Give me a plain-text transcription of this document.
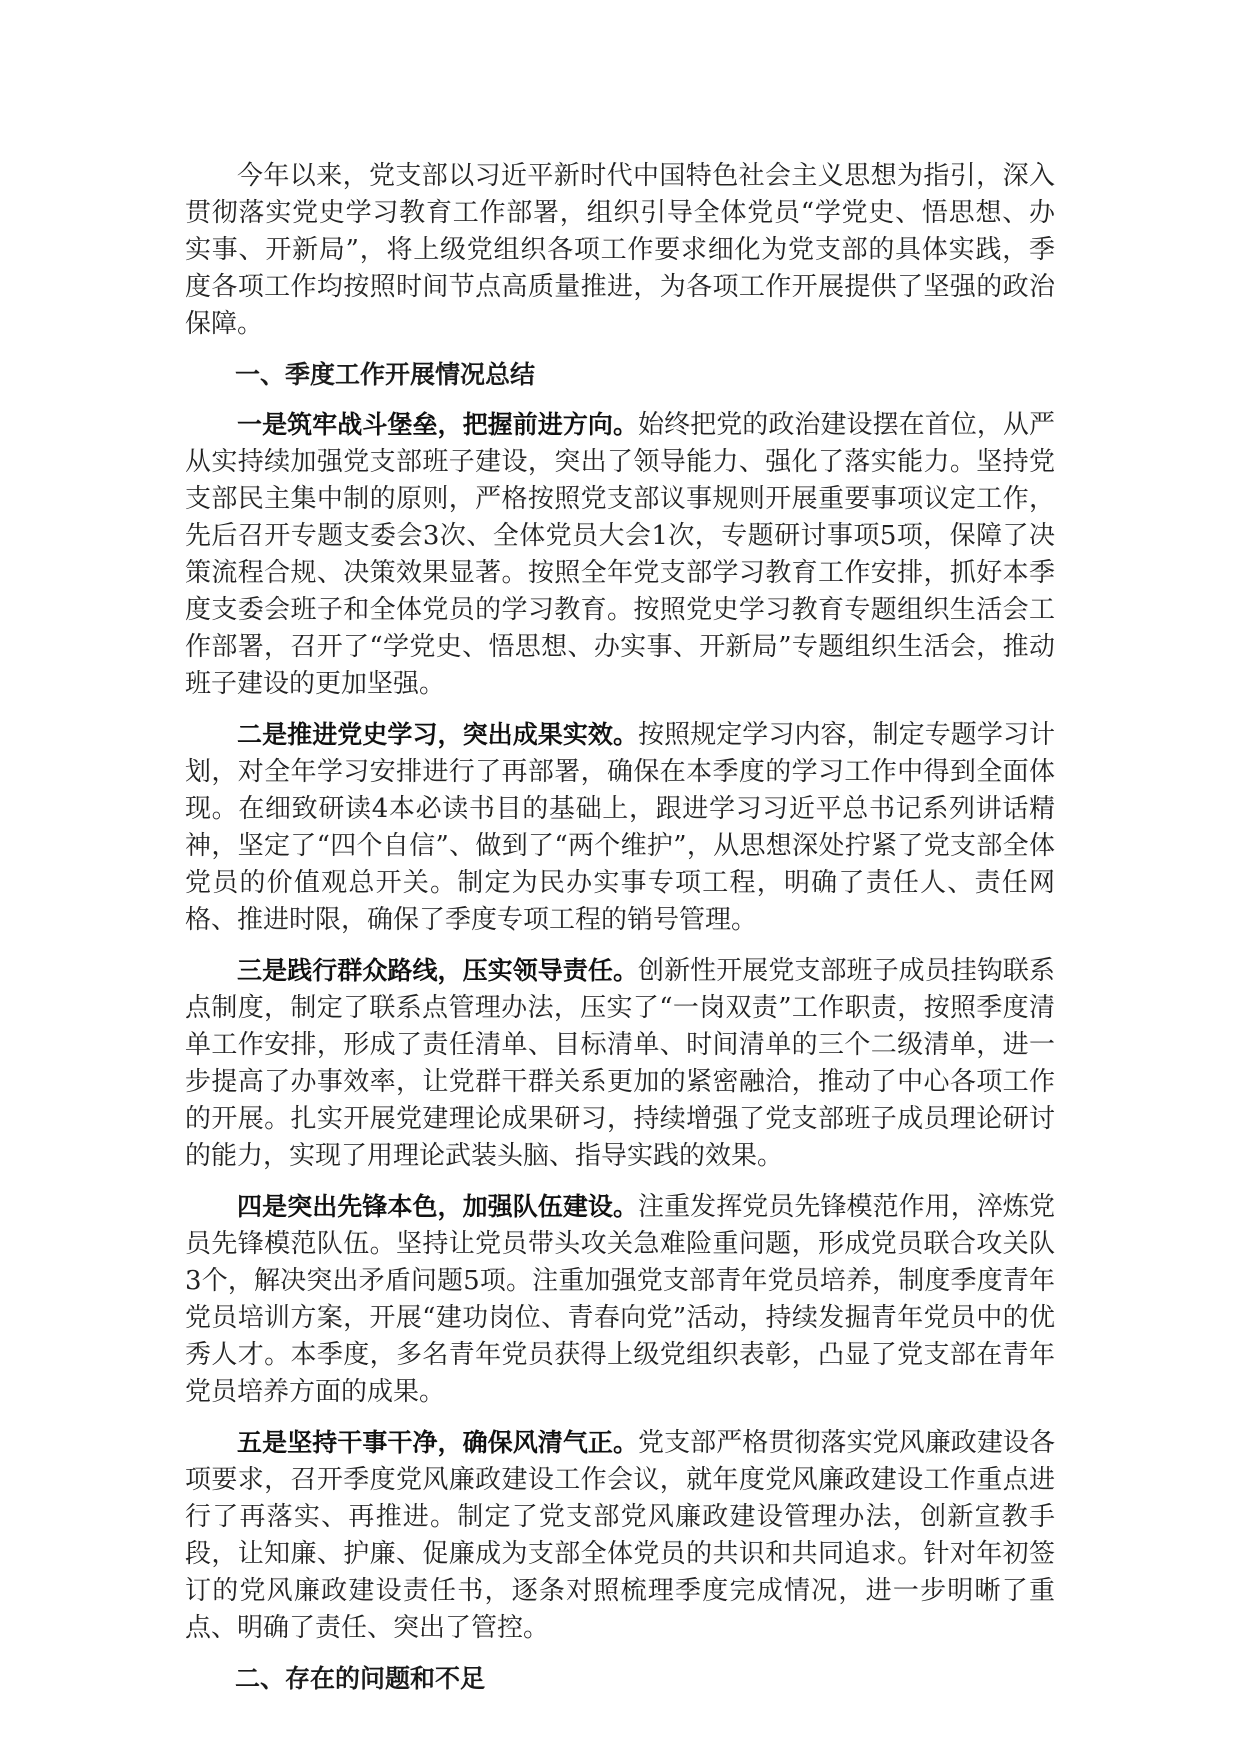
今年以来，党支部以习近平新时代中国特色社会主义思想为指引，深入贯彻落实党史学习教育工作部署，组织引导全体党员“学党史、悟思想、办实事、开新局”，将上级党组织各项工作要求细化为党支部的具体实践，季度各项工作均按照时间节点高质量推进，为各项工作开展提供了坚强的政治保障。

一、季度工作开展情况总结

一是筑牢战斗堡垒，把握前进方向。始终把党的政治建设摆在首位，从严从实持续加强党支部班子建设，突出了领导能力、强化了落实能力。坚持党支部民主集中制的原则，严格按照党支部议事规则开展重要事项议定工作，先后召开专题支委会3次、全体党员大会1次，专题研讨事项5项，保障了决策流程合规、决策效果显著。按照全年党支部学习教育工作安排，抓好本季度支委会班子和全体党员的学习教育。按照党史学习教育专题组织生活会工作部署，召开了“学党史、悟思想、办实事、开新局”专题组织生活会，推动班子建设的更加坚强。

二是推进党史学习，突出成果实效。按照规定学习内容，制定专题学习计划，对全年学习安排进行了再部署，确保在本季度的学习工作中得到全面体现。在细致研读4本必读书目的基础上，跟进学习习近平总书记系列讲话精神，坚定了“四个自信”、做到了“两个维护”，从思想深处拧紧了党支部全体党员的价值观总开关。制定为民办实事专项工程，明确了责任人、责任网格、推进时限，确保了季度专项工程的销号管理。

三是践行群众路线，压实领导责任。创新性开展党支部班子成员挂钩联系点制度，制定了联系点管理办法，压实了“一岗双责”工作职责，按照季度清单工作安排，形成了责任清单、目标清单、时间清单的三个二级清单，进一步提高了办事效率，让党群干群关系更加的紧密融洽，推动了中心各项工作的开展。扎实开展党建理论成果研习，持续增强了党支部班子成员理论研讨的能力，实现了用理论武装头脑、指导实践的效果。

四是突出先锋本色，加强队伍建设。注重发挥党员先锋模范作用，淬炼党员先锋模范队伍。坚持让党员带头攻关急难险重问题，形成党员联合攻关队3个，解决突出矛盾问题5项。注重加强党支部青年党员培养，制度季度青年党员培训方案，开展“建功岗位、青春向党”活动，持续发掘青年党员中的优秀人才。本季度，多名青年党员获得上级党组织表彰，凸显了党支部在青年党员培养方面的成果。

五是坚持干事干净，确保风清气正。党支部严格贯彻落实党风廉政建设各项要求，召开季度党风廉政建设工作会议，就年度党风廉政建设工作重点进行了再落实、再推进。制定了党支部党风廉政建设管理办法，创新宣教手段，让知廉、护廉、促廉成为支部全体党员的共识和共同追求。针对年初签订的党风廉政建设责任书，逐条对照梳理季度完成情况，进一步明晰了重点、明确了责任、突出了管控。

二、存在的问题和不足
